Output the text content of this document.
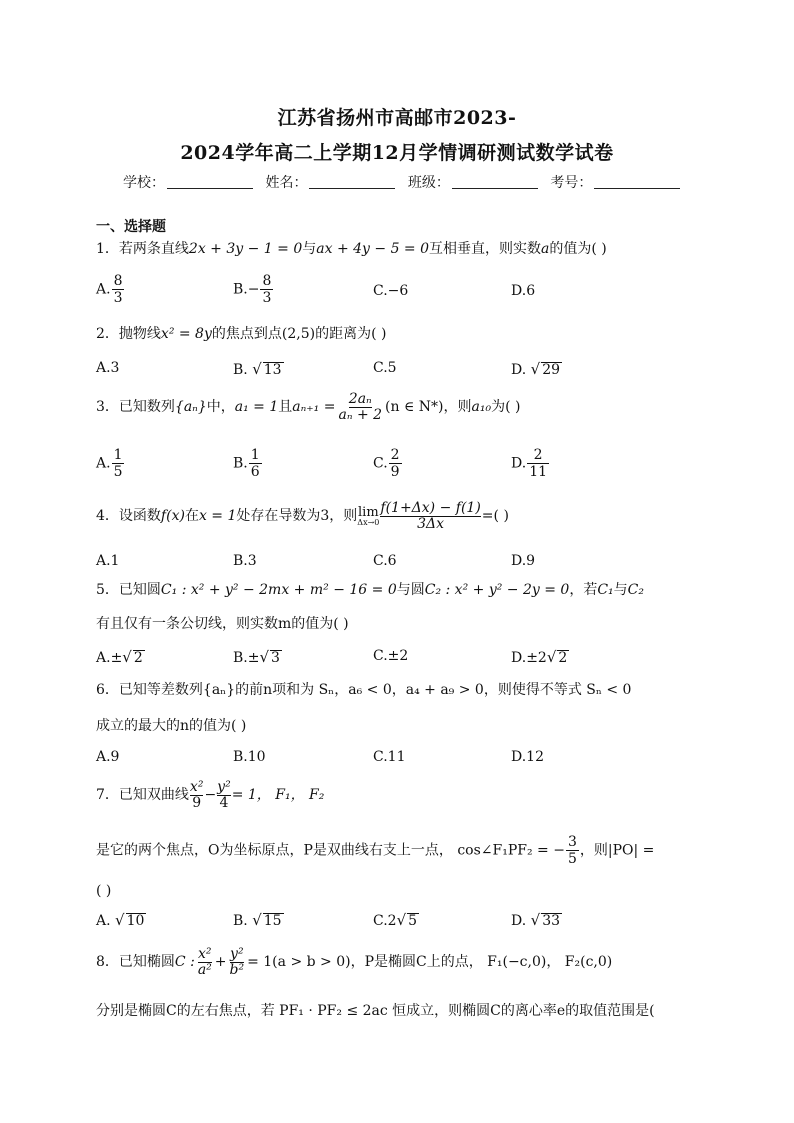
江苏省扬州市高邮市2023-
2024学年高二上学期12月学情调研测试数学试卷
学校：	姓名：	班级：	考号：
一、选择题
1．若两条直线2x + 3y − 1 = 0与ax + 4y − 5 = 0互相垂直，则实数a的值为( )
A. $\frac{8}{3}$	$B.- \frac{8}{3}$	C.−6	D.6
2．抛物线x² = 8y的焦点到点(2,5)的距离为( )
A.3	B. √ 13	C.5	D. √ 29
3．已知数列{aₙ}中，a₁ = 1且$a_{n+1} =\frac{\text{2aₙ}}{\text{aₙ + 2}} (n$ ∈ N*)，则a₁₀为( )
A. $\frac{1}{5}$	B. $\frac{1}{6}$	C. $\frac{2}{9}$	D. $\frac{2}{11}$
4．设函数f(x)在x = 1处存在导数为3，则lim
$\Delta x\to 0 \frac{f(1+\Delta x) - f(1)}{3\Delta x}$ =( )
A.1	B.3	C.6	D.9
5．已知圆C₁ : x² + y² − 2mx + m² − 16 = 0与圆C₂ : x² + y² − 2y = 0，若C₁与C₂
有且仅有一条公切线，则实数m的值为( )
A.±√ 2	B.±√ 3	C.±2	D.±2√ 2
6．已知等差数列{aₙ}的前n项和为 Sₙ，a₆ < 0，a₄ + a₉ > 0，则使得不等式 Sₙ < 0
成立的最大的n的值为( )
A.9	B.10	C.11	D.12
7．已知双曲线$\frac{\text{x²}}{9} -\frac{\text{y²}}{4} = 1$， F₁， F₂
是它的两个焦点，O为坐标原点，P是双曲线右支上一点， cos∠F₁PF₂ = − $\frac{3}{5}$ ，则|PO| =
( )
A. √ 10	B. √ 15	C.2√ 5	D. √ 33
8．已知椭圆C $:\frac{\text{x²}}{\text{a²}} +\frac{\text{y²}}{\text{b²}} = 1(a > b > 0)$，P是椭圆C上的点， F₁(−c,0)， F₂(c,0)
分别是椭圆C的左右焦点，若 PF₁ · PF₂ ≤ 2ac 恒成立，则椭圆C的离心率e的取值范围是(
